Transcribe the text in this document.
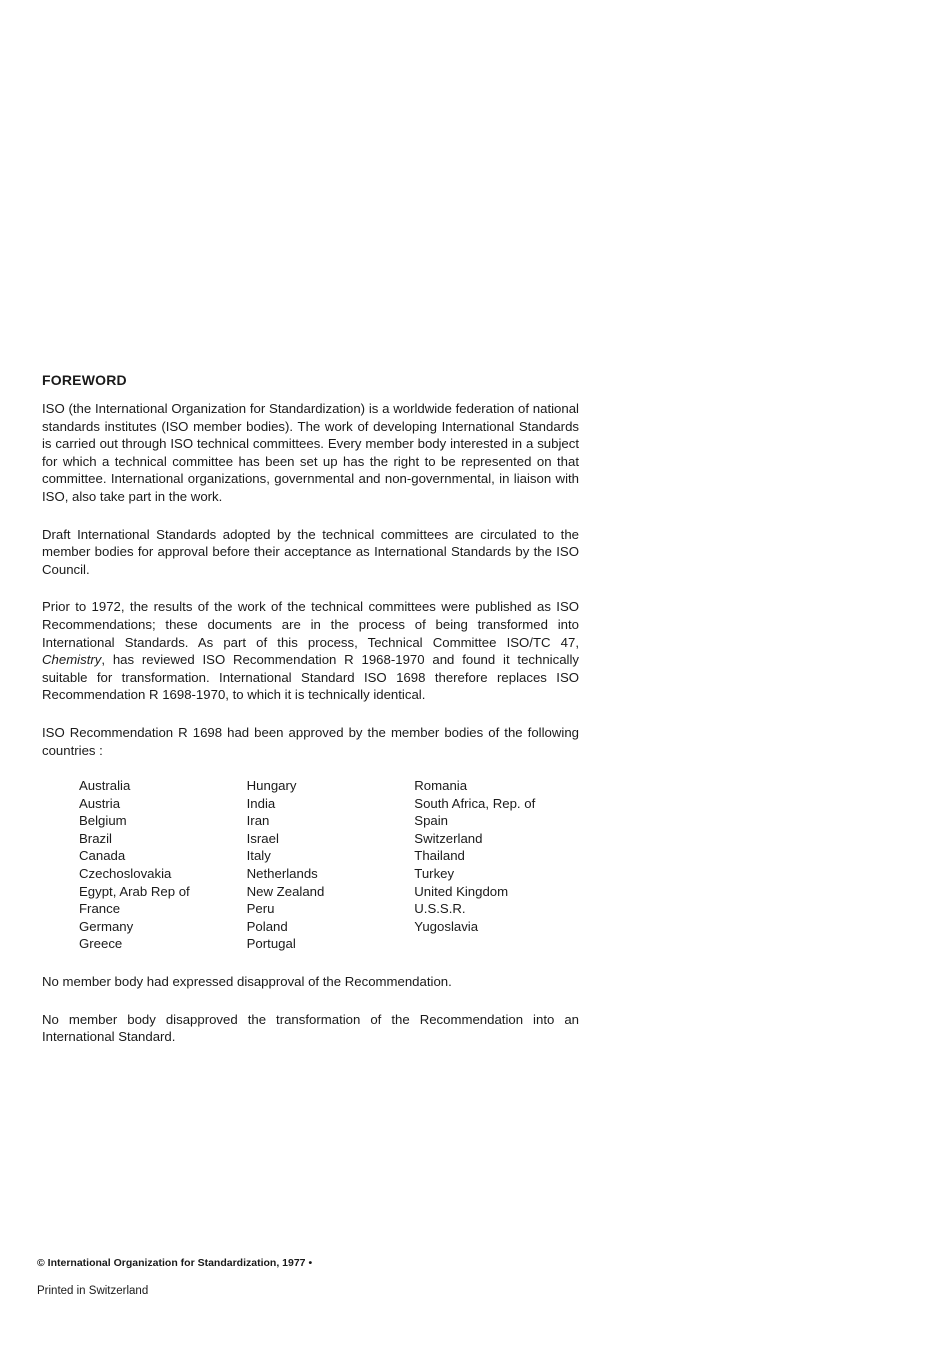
FOREWORD

ISO (the International Organization for Standardization) is a worldwide federation of national standards institutes (ISO member bodies). The work of developing International Standards is carried out through ISO technical committees. Every member body interested in a subject for which a technical committee has been set up has the right to be represented on that committee. International organizations, governmental and non-governmental, in liaison with ISO, also take part in the work.

Draft International Standards adopted by the technical committees are circulated to the member bodies for approval before their acceptance as International Standards by the ISO Council.

Prior to 1972, the results of the work of the technical committees were published as ISO Recommendations; these documents are in the process of being transformed into International Standards. As part of this process, Technical Committee ISO/TC 47, Chemistry, has reviewed ISO Recommendation R 1968-1970 and found it technically suitable for transformation. International Standard ISO 1698 therefore replaces ISO Recommendation R 1698-1970, to which it is technically identical.

ISO Recommendation R 1698 had been approved by the member bodies of the following countries :

Australia
Austria
Belgium
Brazil
Canada
Czechoslovakia
Egypt, Arab Rep of
France
Germany
Greece
Hungary
India
Iran
Israel
Italy
Netherlands
New Zealand
Peru
Poland
Portugal
Romania
South Africa, Rep. of
Spain
Switzerland
Thailand
Turkey
United Kingdom
U.S.S.R.
Yugoslavia

No member body had expressed disapproval of the Recommendation.

No member body disapproved the transformation of the Recommendation into an International Standard.

© International Organization for Standardization, 1977 •
Printed in Switzerland
